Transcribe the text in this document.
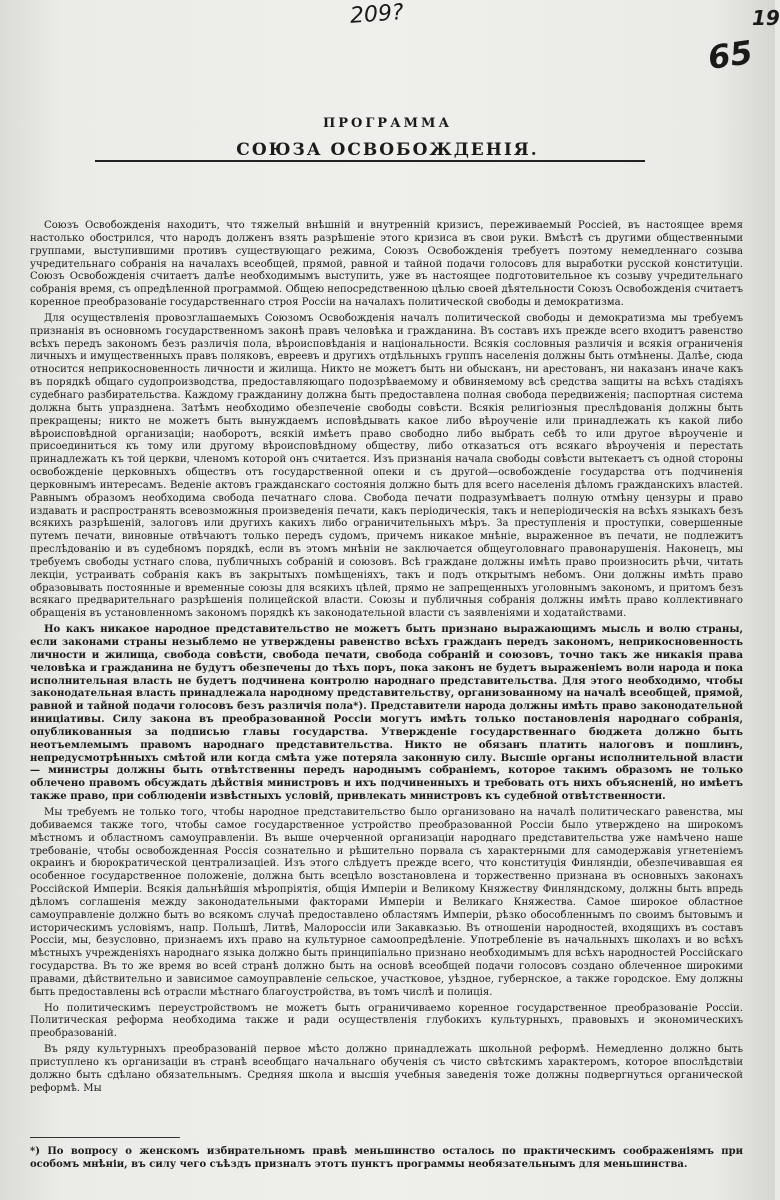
209?	19
65
ПРОГРАММА
СОЮЗА ОСВОБОЖДЕНІЯ.

Союзъ Освобожденія находитъ, что тяжелый внѣшній и внутренній кризисъ, переживаемый Россіей, въ настоящее время настолько обострился, что народъ долженъ взять разрѣшеніе этого кризиса въ свои руки. Вмѣстѣ съ другими общественными группами, выступившими противъ существующаго режима, Союзъ Освобожденія требуетъ поэтому немедленнаго созыва учредительнаго собранія на началахъ всеобщей, прямой, равной и тайной подачи голосовъ для выработки русской конституціи. Союзъ Освобожденія считаетъ далѣе необходимымъ выступить, уже въ настоящее подготовительное къ созыву учредительнаго собранія время, съ опредѣленной программой. Общею непосредственною цѣлью своей дѣятельности Союзъ Освобожденія считаетъ коренное преобразованіе государственнаго строя Россіи на началахъ политической свободы и демократизма.

Для осуществленія провозглашаемыхъ Союзомъ Освобожденія началъ политической свободы и демократизма мы требуемъ признанія въ основномъ государственномъ законѣ правъ человѣка и гражданина. Въ составъ ихъ прежде всего входитъ равенство всѣхъ передъ закономъ безъ различія пола, вѣроисповѣданія и національности. Всякія сословныя различія и всякія ограниченія личныхъ и имущественныхъ правъ поляковъ, евреевъ и другихъ отдѣльныхъ группъ населенія должны быть отмѣнены. Далѣе, сюда относится неприкосновенность личности и жилища. Никто не можетъ быть ни обысканъ, ни арестованъ, ни наказанъ иначе какъ въ порядкѣ общаго судопроизводства, предоставляющаго подозрѣваемому и обвиняемому всѣ средства защиты на всѣхъ стадіяхъ судебнаго разбирательства. Каждому гражданину должна быть предоставлена полная свобода передвиженія; паспортная система должна быть упразднена. Затѣмъ необходимо обезпеченіе свободы совѣсти. Всякія религіозныя преслѣдованія должны быть прекращены; никто не можетъ быть вынуждаемъ исповѣдывать какое либо вѣроученіе или принадлежать къ какой либо вѣроисповѣдной организаціи; наоборотъ, всякій имѣетъ право свободно либо выбрать себѣ то или другое вѣроученіе и присоединиться къ тому или другому вѣроисповѣдному обществу, либо отказаться отъ всякаго вѣроученія и перестать принадлежать къ той церкви, членомъ которой онъ считается. Изъ признанія начала свободы совѣсти вытекаетъ съ одной стороны освобожденіе церковныхъ обществъ отъ государственной опеки и съ другой—освобожденіе государства отъ подчиненія церковнымъ интересамъ. Веденіе актовъ гражданскаго состоянія должно быть для всего населенія дѣломъ гражданскихъ властей. Равнымъ образомъ необходима свобода печатнаго слова. Свобода печати подразумѣваетъ полную отмѣну цензуры и право издавать и распространять всевозможныя произведенія печати, какъ періодическія, такъ и непеpіодическія на всѣхъ языкахъ безъ всякихъ разрѣшеній, залоговъ или другихъ какихъ либо ограничительныхъ мѣръ. За преступленія и проступки, совершенные путемъ печати, виновные отвѣчаютъ только передъ судомъ, причемъ никакое мнѣніе, выраженное въ печати, не подлежитъ преслѣдованію и въ судебномъ порядкѣ, если въ этомъ мнѣніи не заключается общеуголовнаго правонарушенія. Наконецъ, мы требуемъ свободы устнаго слова, публичныхъ собраній и союзовъ. Всѣ граждане должны имѣть право произносить рѣчи, читать лекціи, устраивать собранія какъ въ закрытыхъ помѣщеніяхъ, такъ и подъ открытымъ небомъ. Они должны имѣть право образовывать постоянные и временные союзы для всякихъ цѣлей, прямо не запрещенныхъ уголовнымъ закономъ, и притомъ безъ всякаго предварительнаго разрѣшенія полицейской власти. Союзы и публичныя собранія должны имѣть право коллективнаго обращенія въ установленномъ закономъ порядкѣ къ законодательной власти съ заявленіями и ходатайствами.

Но какъ никакое народное представительство не можетъ быть признано выражающимъ мысль и волю страны, если законами страны незыблемо не утверждены равенство всѣхъ гражданъ передъ закономъ, неприкосновенность личности и жилища, свобода совѣсти, свобода печати, свобода собраній и союзовъ, точно такъ же никакія права человѣка и гражданина не будутъ обезпечены до тѣхъ поръ, пока законъ не будетъ выраженіемъ воли народа и пока исполнительная власть не будетъ подчинена контролю народнаго представительства. Для этого необходимо, чтобы законодательная власть принадлежала народному представительству, организованному на началѣ всеобщей, прямой, равной и тайной подачи голосовъ безъ различія пола*). Представители народа должны имѣть право законодательной иниціативы. Силу закона въ преобразованной Россіи могутъ имѣть только постановленія народнаго собранія, опубликованныя за подписью главы государства. Утвержденіе государственнаго бюджета должно быть неотъемлемымъ правомъ народнаго представительства. Никто не обязанъ платить налоговъ и пошлинъ, непредусмотрѣнныхъ смѣтой или когда смѣта уже потеряла законную силу. Высшіе органы исполнительной власти — министры должны быть отвѣтственны передъ народнымъ собраніемъ, которое такимъ образомъ не только облечено правомъ обсуждать дѣйствія министровъ и ихъ подчиненныхъ и требовать отъ нихъ объясненій, но имѣетъ также право, при соблюденіи извѣстныхъ условій, привлекать министровъ къ судебной отвѣтственности.

Мы требуемъ не только того, чтобы народное представительство было организовано на началѣ политическаго равенства, мы добиваемся также того, чтобы самое государственное устройство преобразованной Россіи было утверждено на широкомъ мѣстномъ и областномъ самоуправленіи. Въ выше очерченной организаціи народнаго представительства уже намѣчено наше требованіе, чтобы освобожденная Россія сознательно и рѣшительно порвала съ характерными для самодержавія угнетеніемъ окраинъ и бюрократической централизаціей. Изъ этого слѣдуетъ прежде всего, что конституція Финляндіи, обезпечивавшая ея особенное государственное положеніе, должна быть всецѣло возстановлена и торжественно признана въ основныхъ законахъ Россійской Имперіи. Всякія дальнѣйшія мѣропріятія, общія Имперіи и Великому Княжеству Финляндскому, должны быть впредь дѣломъ соглашенія между законодательными факторами Имперіи и Великаго Княжества. Самое широкое областное самоуправленіе должно быть во всякомъ случаѣ предоставлено областямъ Имперіи, рѣзко обособленнымъ по своимъ бытовымъ и историческимъ условіямъ, напр. Польшѣ, Литвѣ, Малороссіи или Закавказью. Въ отношеніи народностей, входящихъ въ составъ Россіи, мы, безусловно, признаемъ ихъ право на культурное самоопредѣленіе. Употребленіе въ начальныхъ школахъ и во всѣхъ мѣстныхъ учрежденіяхъ народнаго языка должно быть принципіально признано необходимымъ для всѣхъ народностей Россійскаго государства. Въ то же время во всей странѣ должно быть на основѣ всеобщей подачи голосовъ создано облеченное широкими правами, дѣйствительно и зависимое самоуправленіе сельское, участковое, уѣздное, губернское, а также городское. Ему должны быть предоставлены всѣ отрасли мѣстнаго благоустройства, въ томъ числѣ и полиція.

Но политическимъ переустройствомъ не можетъ быть ограничиваемо коренное государственное преобразованіе Россіи. Политическая реформа необходима также и ради осуществленія глубокихъ культурныхъ, правовыхъ и экономическихъ преобразованій.

Въ ряду культурныхъ преобразованій первое мѣсто должно принадлежать школьной реформѣ. Немедленно должно быть приступлено къ организаціи въ странѣ всеобщаго начальнаго обученія съ чисто свѣтскимъ характеромъ, которое впослѣдствіи должно быть сдѣлано обязательнымъ. Средняя школа и высшія учебныя заведенія тоже должны подвергнуться органической реформѣ. Мы

*) По вопросу о женскомъ избирательномъ правѣ меньшинство осталось по практическимъ соображеніямъ при особомъ мнѣніи, въ силу чего съѣздъ призналъ этотъ пунктъ программы необязательнымъ для меньшинства.
